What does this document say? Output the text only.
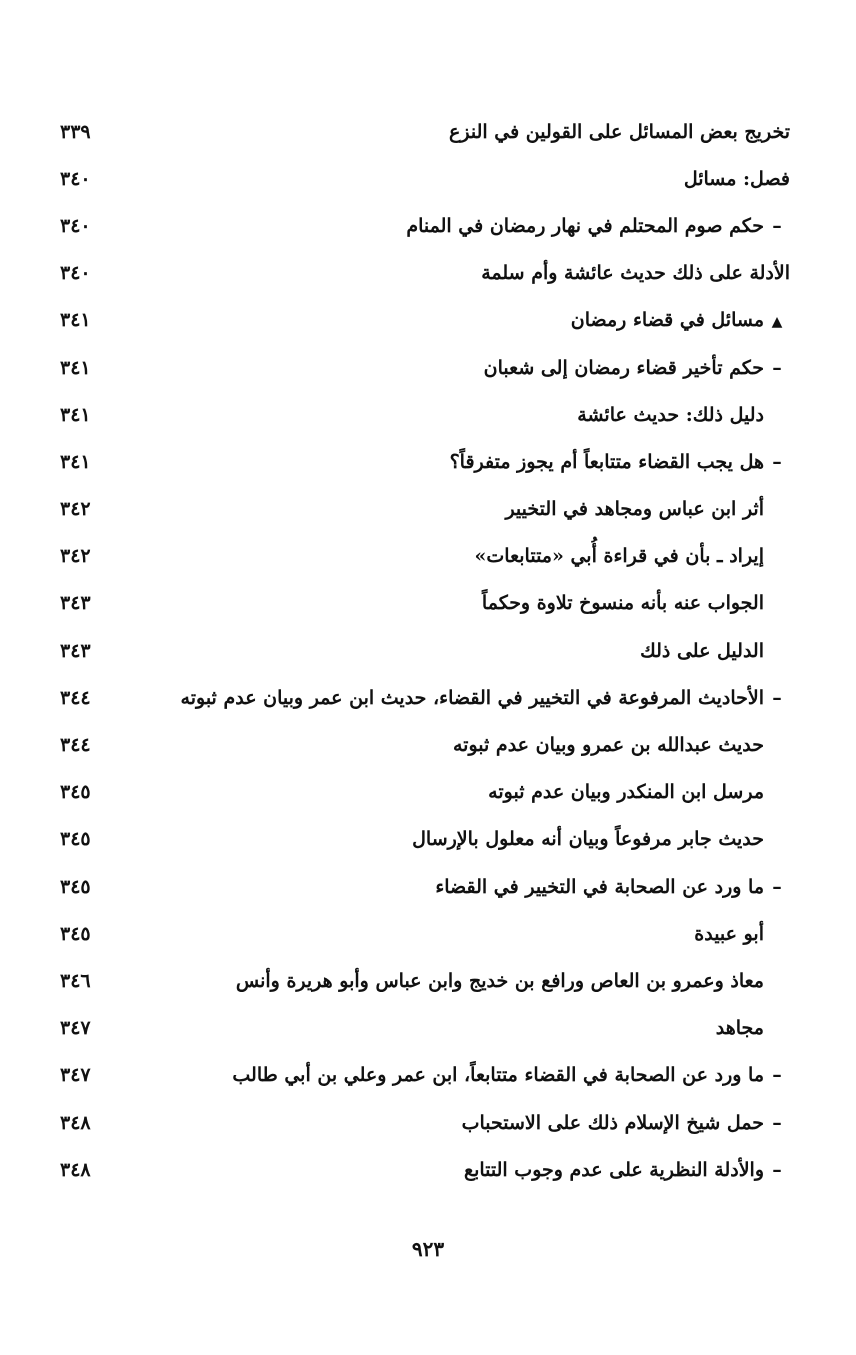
تخريج بعض المسائل على القولين في النزع
٣٣٩
فصل: مسائل
٣٤٠
–
حكم صوم المحتلم في نهار رمضان في المنام
٣٤٠
الأدلة على ذلك حديث عائشة وأم سلمة
٣٤٠
▲
مسائل في قضاء رمضان
٣٤١
–
حكم تأخير قضاء رمضان إلى شعبان
٣٤١
دليل ذلك: حديث عائشة
٣٤١
–
هل يجب القضاء متتابعاً أم يجوز متفرقاً؟
٣٤١
أثر ابن عباس ومجاهد في التخيير
٣٤٢
إيراد ـ بأن في قراءة أُبي «متتابعات»
٣٤٢
الجواب عنه بأنه منسوخ تلاوة وحكماً
٣٤٣
الدليل على ذلك
٣٤٣
–
الأحاديث المرفوعة في التخيير في القضاء، حديث ابن عمر وبيان عدم ثبوته
٣٤٤
حديث عبدالله بن عمرو وبيان عدم ثبوته
٣٤٤
مرسل ابن المنكدر وبيان عدم ثبوته
٣٤٥
حديث جابر مرفوعاً وبيان أنه معلول بالإرسال
٣٤٥
–
ما ورد عن الصحابة في التخيير في القضاء
٣٤٥
أبو عبيدة
٣٤٥
معاذ وعمرو بن العاص ورافع بن خديج وابن عباس وأبو هريرة وأنس
٣٤٦
مجاهد
٣٤٧
–
ما ورد عن الصحابة في القضاء متتابعاً، ابن عمر وعلي بن أبي طالب
٣٤٧
–
حمل شيخ الإسلام ذلك على الاستحباب
٣٤٨
–
والأدلة النظرية على عدم وجوب التتابع
٣٤٨
٩٢٣
